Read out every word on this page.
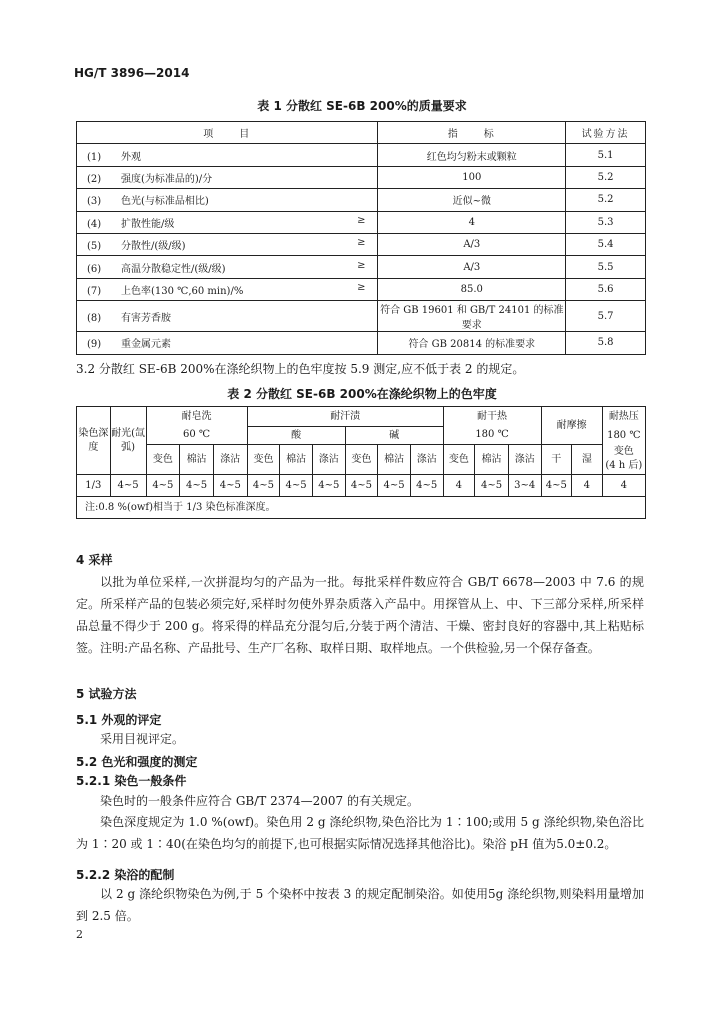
HG/T 3896—2014
表 1 分散红 SE-6B 200%的质量要求
项　　目	指　　标	试验方法
(1) 外观	红色均匀粉末或颗粒	5.1
(2) 强度(为标准品的)/分	100	5.2
(3) 色光(与标准品相比)	近似~微	5.2
(4) 扩散性能/级 ≥	4	5.3
(5) 分散性/(级/级) ≥	A/3	5.4
(6) 高温分散稳定性/(级/级) ≥	A/3	5.5
(7) 上色率(130 ℃,60 min)/% ≥	85.0	5.6
(8) 有害芳香胺	符合 GB 19601 和 GB/T 24101 的标准要求	5.7
(9) 重金属元素	符合 GB 20814 的标准要求	5.8
3.2 分散红 SE-6B 200%在涤纶织物上的色牢度按 5.9 测定,应不低于表 2 的规定。
表 2 分散红 SE-6B 200%在涤纶织物上的色牢度
染色深度	耐光(氙弧)	耐皂洗			耐汗渍						耐干热			耐摩擦		耐热压
		60 ℃			酸			碱			180 ℃					180 ℃
		变色	棉沾	涤沾	变色	棉沾	涤沾	变色	棉沾	涤沾	变色	棉沾	涤沾	干	湿	变色
(4 h 后)
1/3	4~5	4~5	4~5	4~5	4~5	4~5	4~5	4~5	4~5	4~5	4	4~5	3~4	4~5	4	4
注:0.8 %(owf)相当于 1/3 染色标准深度。																
4 采样
以批为单位采样,一次拼混均匀的产品为一批。每批采样件数应符合 GB/T 6678—2003 中 7.6 的规定。所采样产品的包装必须完好,采样时勿使外界杂质落入产品中。用探管从上、中、下三部分采样,所采样品总量不得少于 200 g。将采得的样品充分混匀后,分装于两个清洁、干燥、密封良好的容器中,其上粘贴标签。注明:产品名称、产品批号、生产厂名称、取样日期、取样地点。一个供检验,另一个保存备查。
5 试验方法
5.1 外观的评定
采用目视评定。
5.2 色光和强度的测定
5.2.1 染色一般条件
染色时的一般条件应符合 GB/T 2374—2007 的有关规定。
染色深度规定为 1.0 %(owf)。染色用 2 g 涤纶织物,染色浴比为 1∶100;或用 5 g 涤纶织物,染色浴比为 1∶20 或 1∶40(在染色均匀的前提下,也可根据实际情况选择其他浴比)。染浴 pH 值为5.0±0.2。
5.2.2 染浴的配制
以 2 g 涤纶织物染色为例,于 5 个染杯中按表 3 的规定配制染浴。如使用5g 涤纶织物,则染料用量增加到 2.5 倍。
2
